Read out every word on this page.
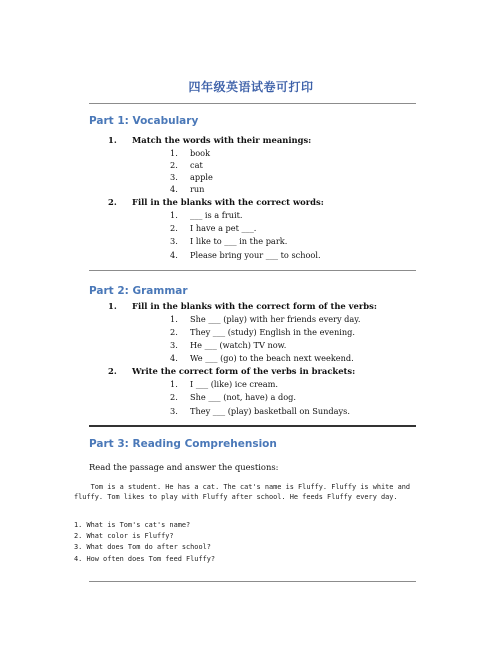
四年级英语试卷可打印
Part 1: Vocabulary
1. Match the words with their meanings:
1. book
2. cat
3. apple
4. run
2. Fill in the blanks with the correct words:
1. ___ is a fruit.
2. I have a pet ___.
3. I like to ___ in the park.
4. Please bring your ___ to school.
Part 2: Grammar
1. Fill in the blanks with the correct form of the verbs:
1. She ___ (play) with her friends every day.
2. They ___ (study) English in the evening.
3. He ___ (watch) TV now.
4. We ___ (go) to the beach next weekend.
2. Write the correct form of the verbs in brackets:
1. I ___ (like) ice cream.
2. She ___ (not, have) a dog.
3. They ___ (play) basketball on Sundays.
Part 3: Reading Comprehension
Read the passage and answer the questions:
Tom is a student. He has a cat. The cat's name is Fluffy. Fluffy is white and fluffy. Tom likes to play with Fluffy after school. He feeds Fluffy every day.
1. What is Tom's cat's name?
2. What color is Fluffy?
3. What does Tom do after school?
4. How often does Tom feed Fluffy?
